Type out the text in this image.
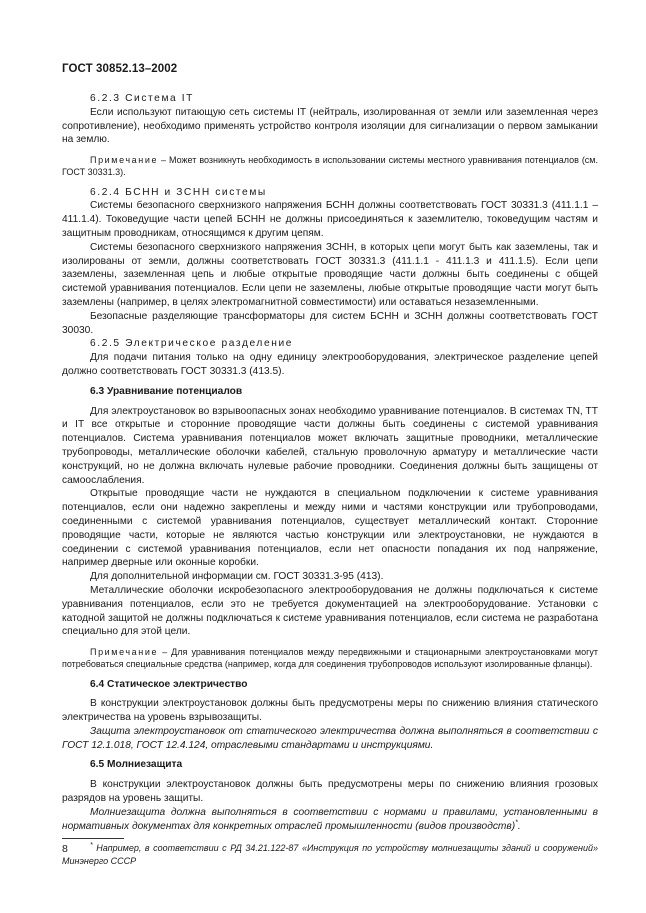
ГОСТ 30852.13–2002

6.2.3 Система IT

Если используют питающую сеть системы IT (нейтраль, изолированная от земли или заземленная через сопротивление), необходимо применять устройство контроля изоляции для сигнализации о первом замыкании на землю.

Примечание – Может возникнуть необходимость в использовании системы местного уравнивания потенциалов (см. ГОСТ 30331.3).

6.2.4 БСНН и ЗСНН системы

Системы безопасного сверхнизкого напряжения БСНН должны соответствовать ГОСТ 30331.3 (411.1.1 –411.1.4). Токоведущие части цепей БСНН не должны присоединяться к заземлителю, токоведущим частям и защитным проводникам, относящимся к другим цепям.

Системы безопасного сверхнизкого напряжения ЗСНН, в которых цепи могут быть как заземлены, так и изолированы от земли, должны соответствовать ГОСТ 30331.3 (411.1.1 - 411.1.3 и 411.1.5). Если цепи заземлены, заземленная цепь и любые открытые проводящие части должны быть соединены с общей системой уравнивания потенциалов. Если цепи не заземлены, любые открытые проводящие части могут быть заземлены (например, в целях электромагнитной совместимости) или оставаться незаземленными.

Безопасные разделяющие трансформаторы для систем БСНН и ЗСНН должны соответствовать ГОСТ 30030.

6.2.5 Электрическое разделение

Для подачи питания только на одну единицу электрооборудования, электрическое разделение цепей должно соответствовать ГОСТ 30331.3 (413.5).

6.3 Уравнивание потенциалов

Для электроустановок во взрывоопасных зонах необходимо уравнивание потенциалов. В системах TN, TT и IT все открытые и сторонние проводящие части должны быть соединены с системой уравнивания потенциалов. Система уравнивания потенциалов может включать защитные проводники, металлические трубопроводы, металлические оболочки кабелей, стальную проволочную арматуру и металлические части конструкций, но не должна включать нулевые рабочие проводники. Соединения должны быть защищены от самоослабления.

Открытые проводящие части не нуждаются в специальном подключении к системе уравнивания потенциалов, если они надежно закреплены и между ними и частями конструкции или трубопроводами, соединенными с системой уравнивания потенциалов, существует металлический контакт. Сторонние проводящие части, которые не являются частью конструкции или электроустановки, не нуждаются в соединении с системой уравнивания потенциалов, если нет опасности попадания их под напряжение, например дверные или оконные коробки.

Для дополнительной информации см. ГОСТ 30331.3-95 (413).

Металлические оболочки искробезопасного электрооборудования не должны подключаться к системе уравнивания потенциалов, если это не требуется документацией на электрооборудование. Установки с катодной защитой не должны подключаться к системе уравнивания потенциалов, если система не разработана специально для этой цели.

Примечание – Для уравнивания потенциалов между передвижными и стационарными электроустановками могут потребоваться специальные средства (например, когда для соединения трубопроводов используют изолированные фланцы).

6.4 Статическое электричество

В конструкции электроустановок должны быть предусмотрены меры по снижению влияния статического электричества на уровень взрывозащиты.

Защита электроустановок от статического электричества должна выполняться в соответствии с ГОСТ 12.1.018, ГОСТ 12.4.124, отраслевыми стандартами и инструкциями.

6.5 Молниезащита

В конструкции электроустановок должны быть предусмотрены меры по снижению влияния грозовых разрядов на уровень защиты.

Молниезащита должна выполняться в соответствии с нормами и правилами, установленными в нормативных документах для конкретных отраслей промышленности (видов производств)*.

* Например, в соответствии с РД 34.21.122-87 «Инструкция по устройству молниезащиты зданий и сооружений» Минэнерго СССР

8
